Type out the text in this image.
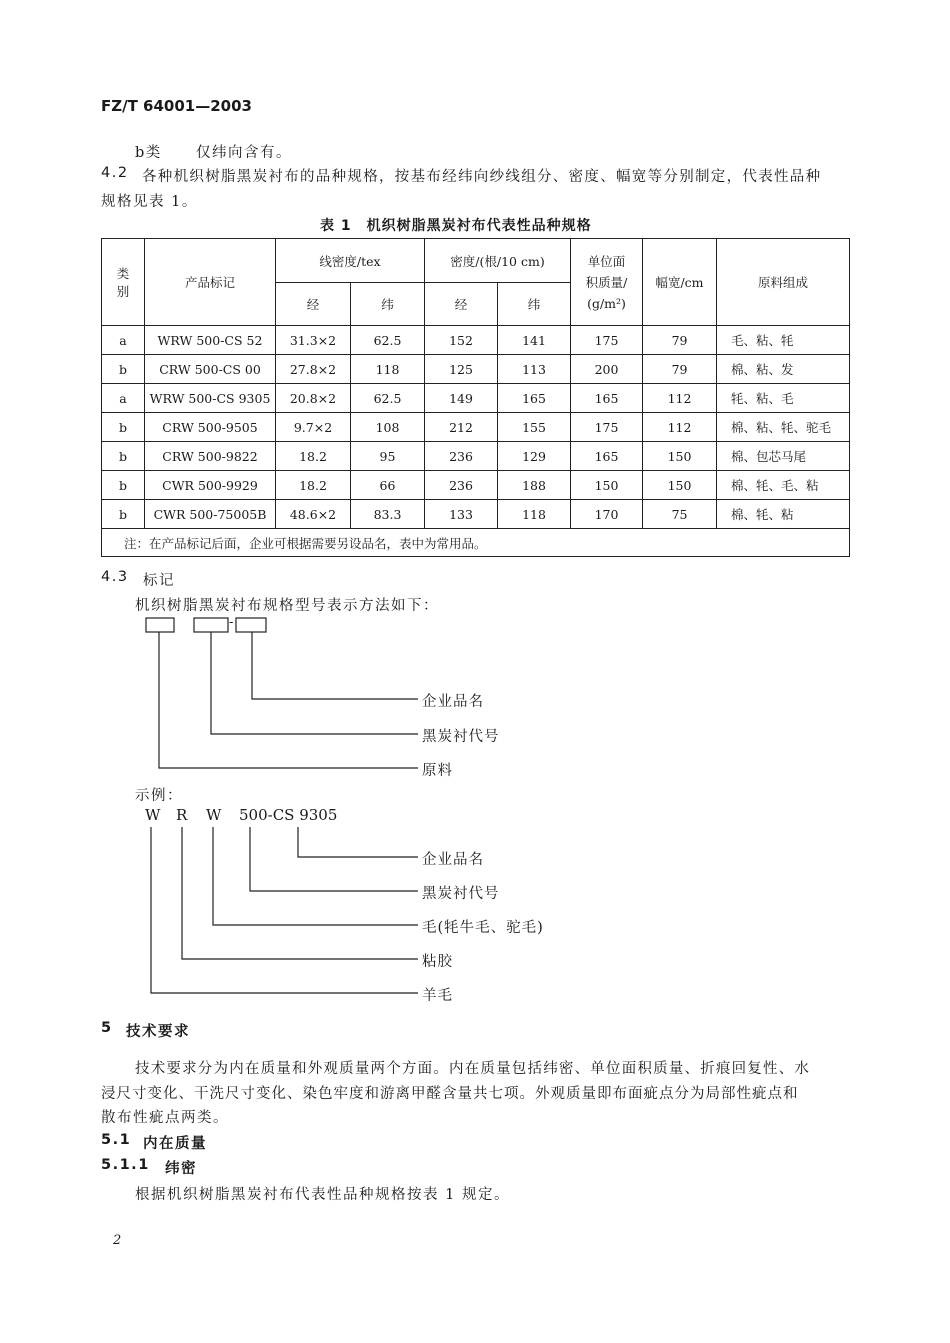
FZ/T 64001—2003
b类 仅纬向含有。
4.2 各种机织树脂黑炭衬布的品种规格，按基布经纬向纱线组分、密度、幅宽等分别制定，代表性品种
规格见表 1。
表 1　机织树脂黑炭衬布代表性品种规格
类
别	产品标记	线密度/tex		密度/(根/10 cm)		单位面
积质量/
(g/m²)	幅宽/cm	原料组成
		经	纬	经	纬			
a	WRW 500-CS 52	31.3×2	62.5	152	141	175	79	毛、粘、牦
b	CRW 500-CS 00	27.8×2	118	125	113	200	79	棉、粘、发
a	WRW 500-CS 9305	20.8×2	62.5	149	165	165	112	牦、粘、毛
b	CRW 500-9505	9.7×2	108	212	155	175	112	棉、粘、牦、驼毛
b	CRW 500-9822	18.2	95	236	129	165	150	棉、包芯马尾
b	CWR 500-9929	18.2	66	236	188	150	150	棉、牦、毛、粘
b	CWR 500-75005B	48.6×2	83.3	133	118	170	75	棉、牦、粘
注：在产品标记后面，企业可根据需要另设品名，表中为常用品。								
4.3 标记
机织树脂黑炭衬布规格型号表示方法如下：
-
企业品名
黑炭衬代号
原料
示例：
W R W 500-CS 9305
企业品名
黑炭衬代号
毛(牦牛毛、驼毛)
粘胶
羊毛
5 技术要求
技术要求分为内在质量和外观质量两个方面。内在质量包括纬密、单位面积质量、折痕回复性、水
浸尺寸变化、干洗尺寸变化、染色牢度和游离甲醛含量共七项。外观质量即布面疵点分为局部性疵点和
散布性疵点两类。
5.1 内在质量
5.1.1 纬密
根据机织树脂黑炭衬布代表性品种规格按表 1 规定。
2
